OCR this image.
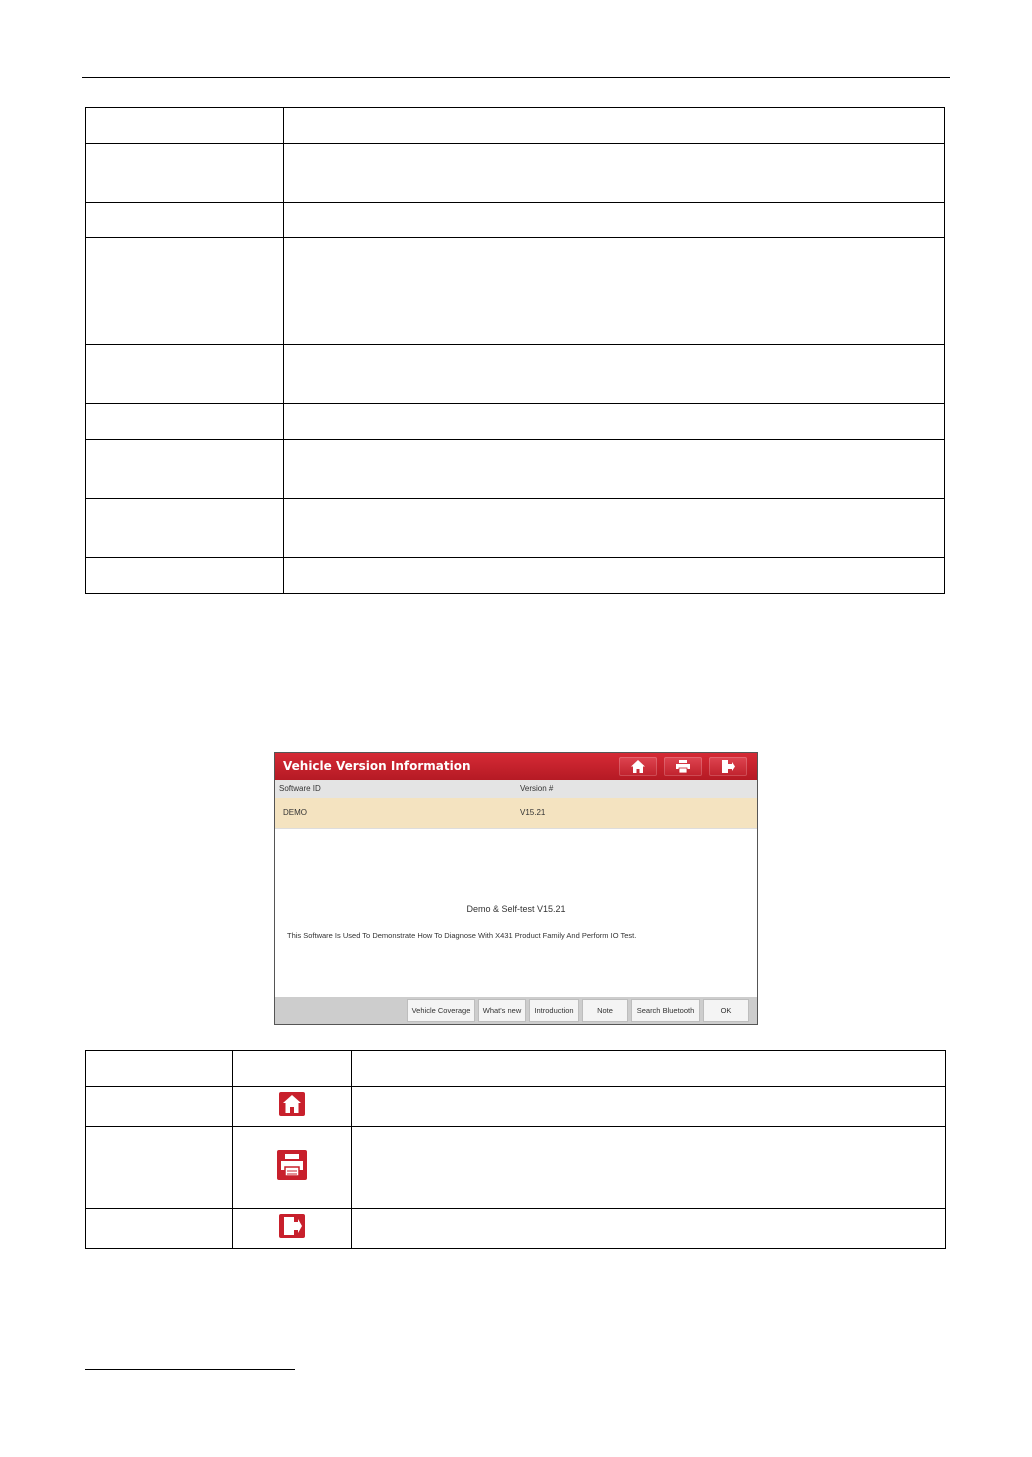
Vehicle Version Information
Software ID	Version #
DEMO	V15.21
Demo & Self-test V15.21
This Software Is Used To Demonstrate How To Diagnose With X431 Product Family And Perform IO Test.
Vehicle Coverage	What's new	Introduction	Note	Search Bluetooth	OK
